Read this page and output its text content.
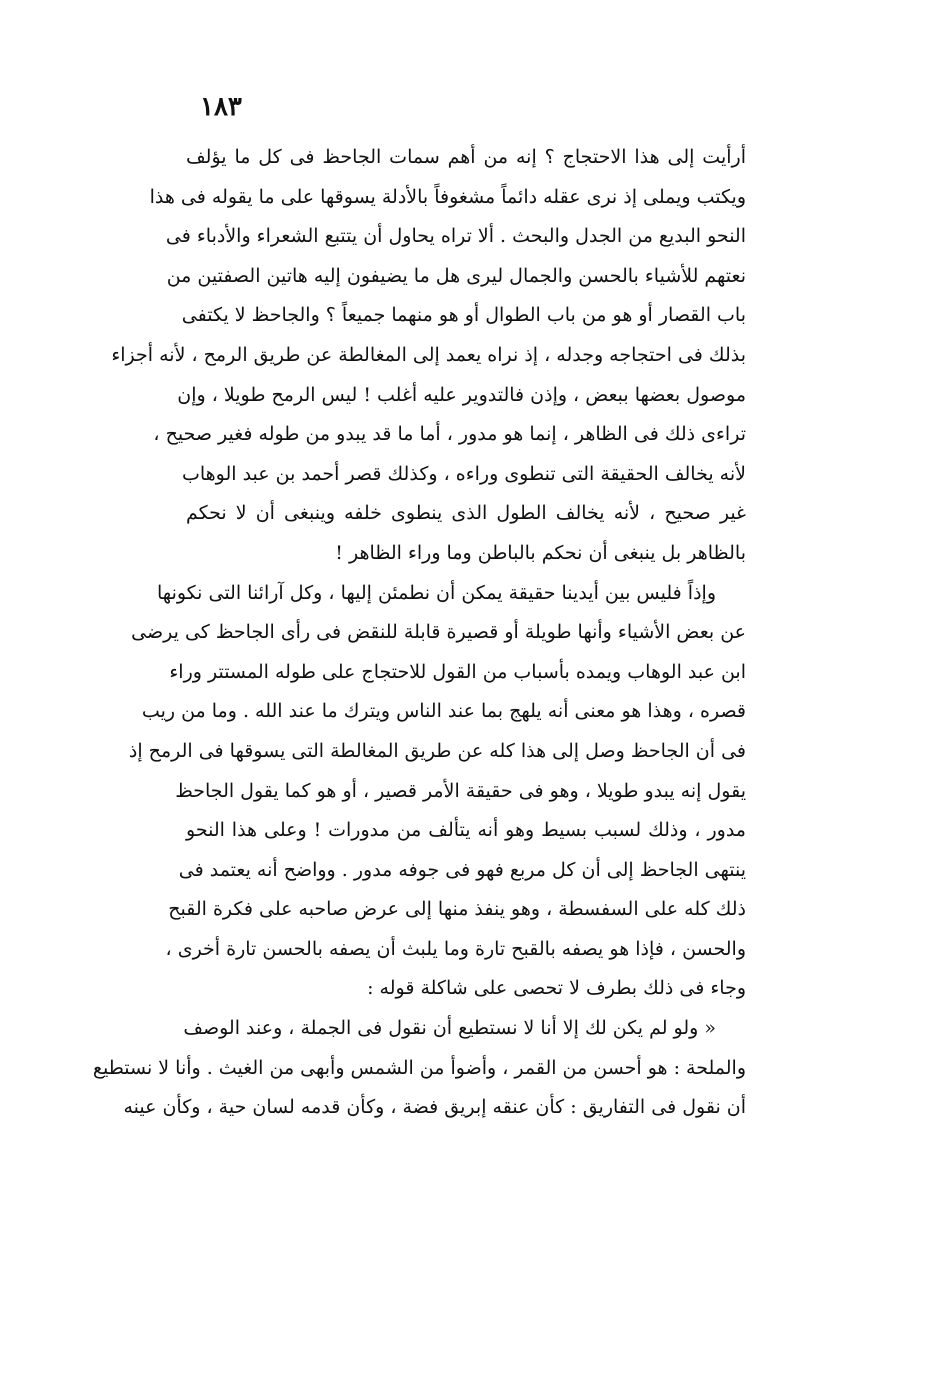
١٨٣
أرأيت إلى هذا الاحتجاج ؟ إنه من أهم سمات الجاحظ فى كل ما يؤلف
ويكتب ويملى إذ نرى عقله دائماً مشغوفاً بالأدلة يسوقها على ما يقوله فى هذا
النحو البديع من الجدل والبحث . ألا تراه يحاول أن يتتبع الشعراء والأدباء فى
نعتهم للأشياء بالحسن والجمال ليرى هل ما يضيفون إليه هاتين الصفتين من
باب القصار أو هو من باب الطوال أو هو منهما جميعاً ؟ والجاحظ لا يكتفى
بذلك فى احتجاجه وجدله ، إذ نراه يعمد إلى المغالطة عن طريق الرمح ، لأنه أجزاء
موصول بعضها ببعض ، وإذن فالتدوير عليه أغلب ! ليس الرمح طويلا ، وإن
تراءى ذلك فى الظاهر ، إنما هو مدور ، أما ما قد يبدو من طوله فغير صحيح ،
لأنه يخالف الحقيقة التى تنطوى وراءه ، وكذلك قصر أحمد بن عبد الوهاب
غير صحيح ، لأنه يخالف الطول الذى ينطوى خلفه وينبغى أن لا نحكم
بالظاهر بل ينبغى أن نحكم بالباطن وما وراء الظاهر !
وإذاً فليس بين أيدينا حقيقة يمكن أن نطمئن إليها ، وكل آرائنا التى نكونها
عن بعض الأشياء وأنها طويلة أو قصيرة قابلة للنقض فى رأى الجاحظ كى يرضى
ابن عبد الوهاب ويمده بأسباب من القول للاحتجاج على طوله المستتر وراء
قصره ، وهذا هو معنى أنه يلهج بما عند الناس ويترك ما عند الله . وما من ريب
فى أن الجاحظ وصل إلى هذا كله عن طريق المغالطة التى يسوقها فى الرمح إذ
يقول إنه يبدو طويلا ، وهو فى حقيقة الأمر قصير ، أو هو كما يقول الجاحظ
مدور ، وذلك لسبب بسيط وهو أنه يتألف من مدورات ! وعلى هذا النحو
ينتهى الجاحظ إلى أن كل مربع فهو فى جوفه مدور . وواضح أنه يعتمد فى
ذلك كله على السفسطة ، وهو ينفذ منها إلى عرض صاحبه على فكرة القبح
والحسن ، فإذا هو يصفه بالقبح تارة وما يلبث أن يصفه بالحسن تارة أخرى ،
وجاء فى ذلك بطرف لا تحصى على شاكلة قوله :
« ولو لم يكن لك إلا أنا لا نستطيع أن نقول فى الجملة ، وعند الوصف
والملحة : هو أحسن من القمر ، وأضوأ من الشمس وأبهى من الغيث . وأنا لا نستطيع
أن نقول فى التفاريق : كأن عنقه إبريق فضة ، وكأن قدمه لسان حية ، وكأن عينه
